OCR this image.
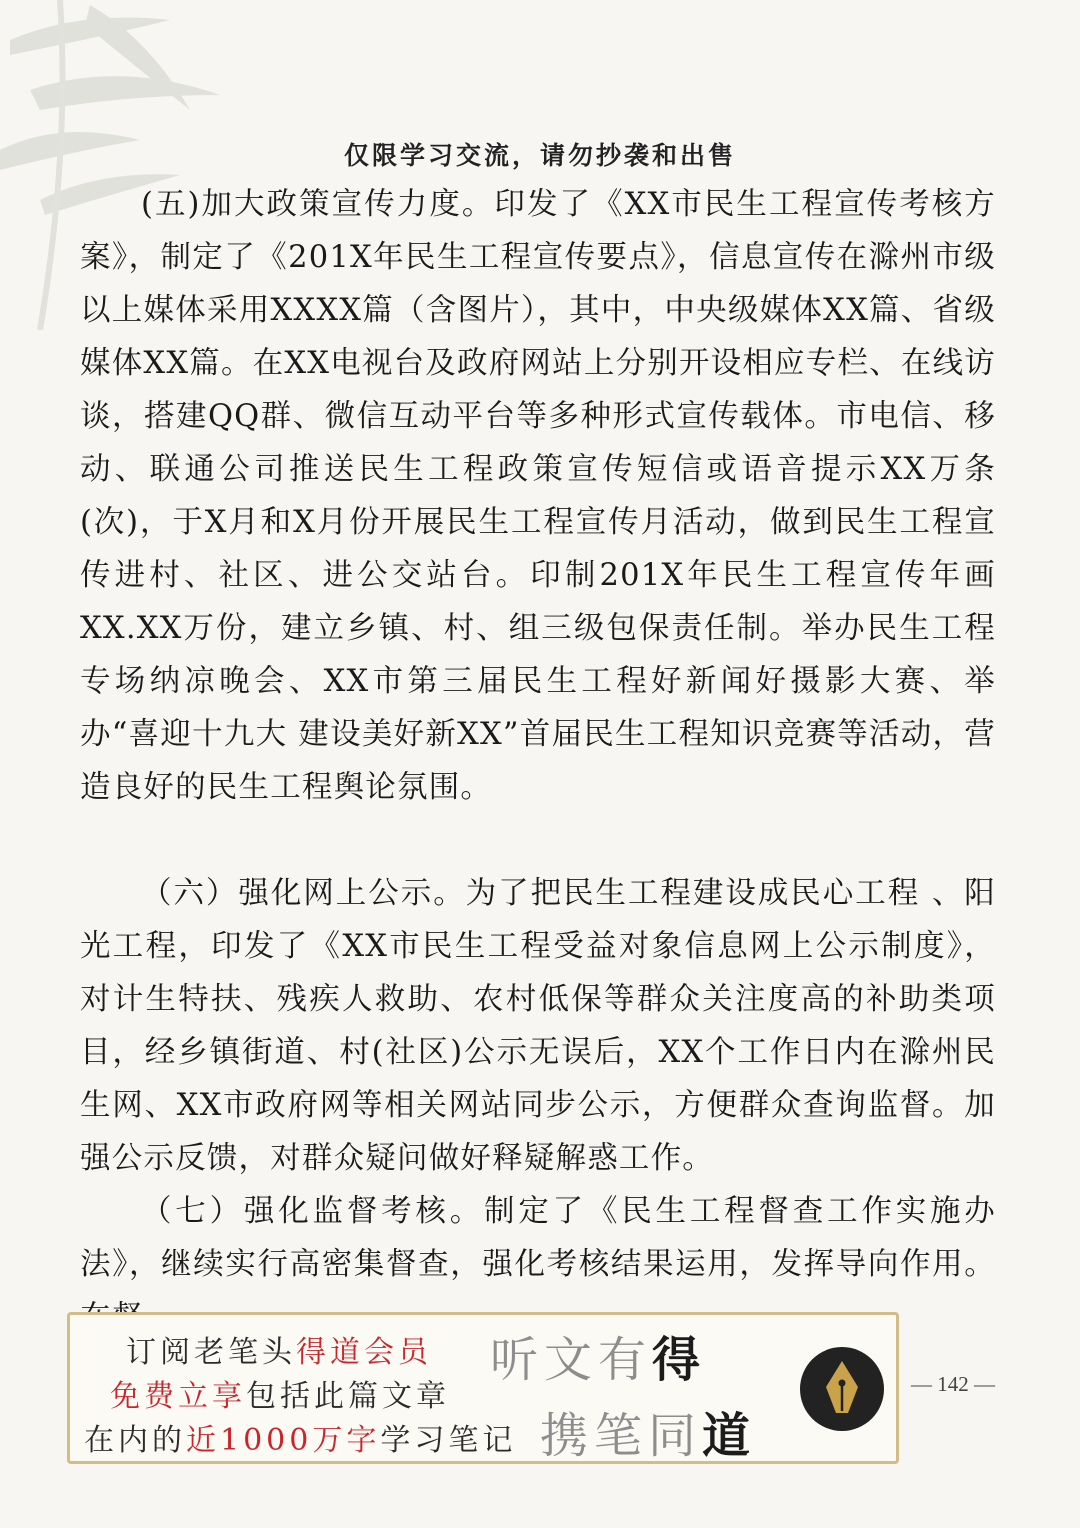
仅限学习交流，请勿抄袭和出售

(五)加大政策宣传力度。印发了《XX市民生工程宣传考核方案》，制定了《201X年民生工程宣传要点》，信息宣传在滁州市级以上媒体采用XXXX篇（含图片），其中，中央级媒体XX篇、省级媒体XX篇。在XX电视台及政府网站上分别开设相应专栏、在线访谈，搭建QQ群、微信互动平台等多种形式宣传载体。市电信、移动、联通公司推送民生工程政策宣传短信或语音提示XX万条(次)，于X月和X月份开展民生工程宣传月活动，做到民生工程宣传进村、社区、进公交站台。印制201X年民生工程宣传年画XX.XX万份，建立乡镇、村、组三级包保责任制。举办民生工程专场纳凉晚会、XX市第三届民生工程好新闻好摄影大赛、举办“喜迎十九大 建设美好新XX”首届民生工程知识竞赛等活动，营造良好的民生工程舆论氛围。

（六）强化网上公示。为了把民生工程建设成民心工程 、阳光工程，印发了《XX市民生工程受益对象信息网上公示制度》，对计生特扶、残疾人救助、农村低保等群众关注度高的补助类项目，经乡镇街道、村(社区)公示无误后，XX个工作日内在滁州民生网、XX市政府网等相关网站同步公示，方便群众查询监督。加强公示反馈，对群众疑问做好释疑解惑工作。

（七）强化监督考核。制定了《民生工程督查工作实施办法》，继续实行高密集督查，强化考核结果运用，发挥导向作用。

订阅老笔头得道会员
免费立享包括此篇文章
在内的近1000万字学习笔记
听文有得
携笔同道
— 142 —
